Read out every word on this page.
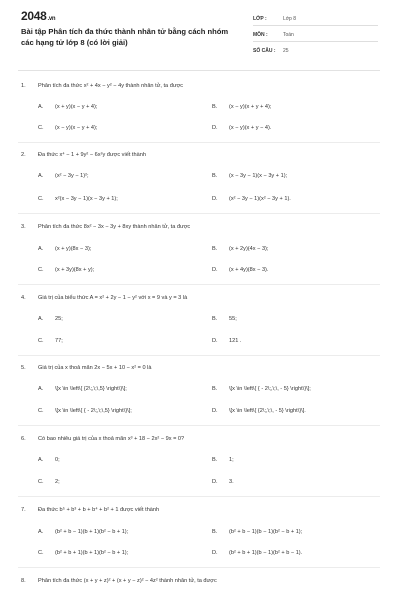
2048.vn
Bài tập Phân tích đa thức thành nhân tử bằng cách nhóm các hạng tử lớp 8 (có lời giải)
LỚP :	Lớp 8
MÔN :	Toán
SỐ CÂU : 25
1. Phân tích đa thức x² + 4x − y² − 4y thành nhân tử, ta được
A. (x + y)(x − y + 4);	B. (x − y)(x + y + 4);
C. (x − y)(x − y + 4);	D. (x − y)(x + y − 4).
2. Đa thức x⁴ − 1 + 9y² − 6x²y được viết thành
A. (x² − 3y − 1)²;	B. (x − 3y − 1)(x − 3y + 1);
C. x²(x − 3y − 1)(x − 3y + 1);	D. (x² − 3y − 1)(x² − 3y + 1).
3. Phân tích đa thức 8x² − 3x − 3y + 8xy thành nhân tử, ta được
A. (x + y)(8x − 3);	B. (x + 2y)(4x − 3);
C. (x + 3y)(8x + y);	D. (x + 4y)(8x − 3).
4. Giá trị của biểu thức A = x² + 2y − 1 − y² với x = 9 và y = 3 là
A. 25;	B. 55;
C. 77;	D. 121 .
5. Giá trị của x thoả mãn 2x − 5x + 10 − x² = 0 là
A. \[x \in \left\{ {2\;,\;\,5} \right\}\];	B. \[x \in \left\{ { - 2\;,\;\, - 5} \right\}\];
C. \[x \in \left\{ { - 2\;,\;\,5} \right\}\];	D. \[x \in \left\{ {2\;,\;\, - 5} \right\}\].
6. Có bao nhiêu giá trị của x thoả mãn x³ + 18 − 2x² − 9x = 0?
A. 0;	B. 1;
C. 2;	D. 3.
7. Đa thức b⁵ + b³ + b + b⁴ + b² + 1 được viết thành
A. (b² + b − 1)(b + 1)(b² − b + 1);	B. (b² + b − 1)(b − 1)(b² − b + 1);
C. (b² + b + 1)(b + 1)(b² − b + 1);	D. (b² + b + 1)(b − 1)(b² + b − 1).
8. Phân tích đa thức (x + y + z)² + (x + y − z)² − 4z² thành nhân tử, ta được
